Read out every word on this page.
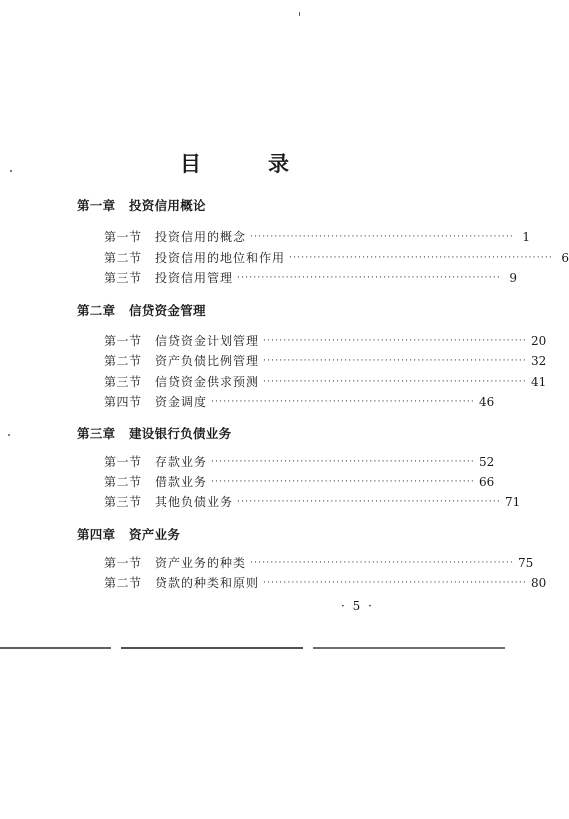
目	录
第一章 投资信用概论
第一节	投资信用的概念 ································································· 1
第二节	投资信用的地位和作用 ································································· 6
第三节	投资信用管理 ································································· 9
第二章 信贷资金管理
第一节	信贷资金计划管理 ································································· 20
第二节	资产负债比例管理 ································································· 32
第三节	信贷资金供求预测 ································································· 41
第四节	资金调度 ································································· 46
第三章 建设银行负债业务
第一节	存款业务 ································································· 52
第二节	借款业务 ································································· 66
第三节	其他负债业务 ································································· 71
第四章 资产业务
第一节	资产业务的种类 ································································· 75
第二节	贷款的种类和原则 ································································· 80
· 5 ·
